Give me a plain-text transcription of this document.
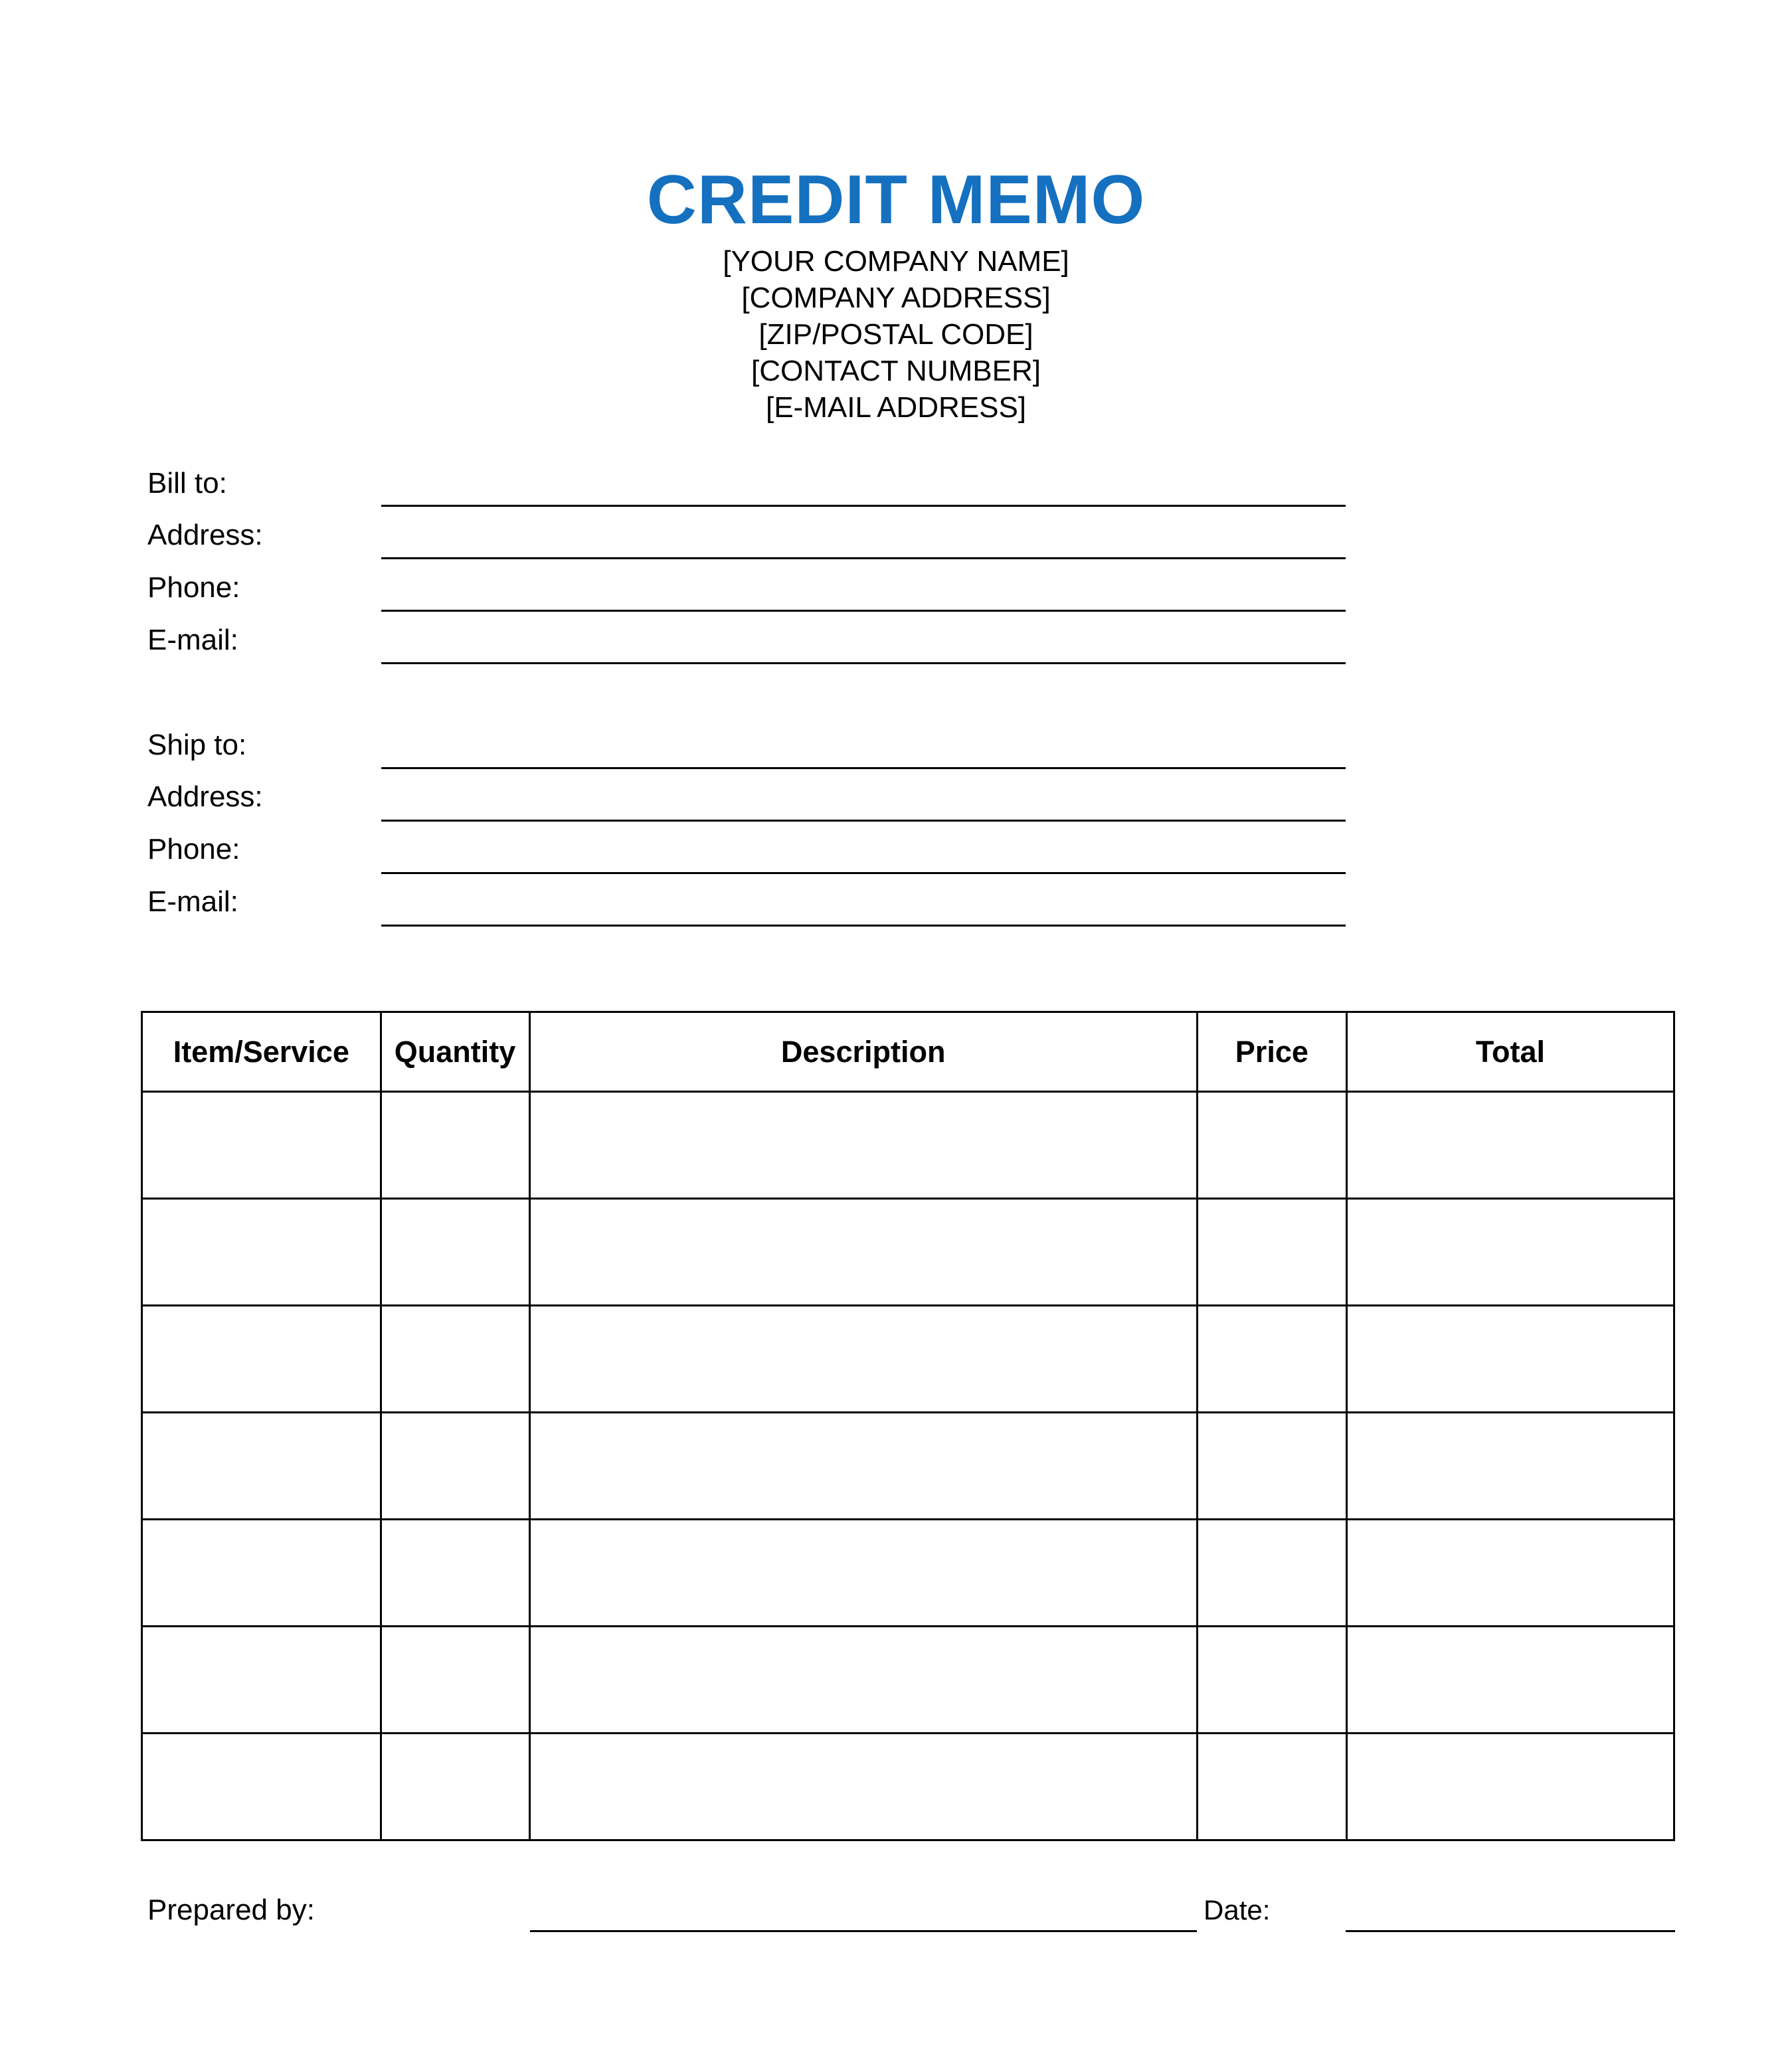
CREDIT MEMO
[YOUR COMPANY NAME]
[COMPANY ADDRESS]
[ZIP/POSTAL CODE]
[CONTACT NUMBER]
[E-MAIL ADDRESS]
Bill to:
Address:
Phone:
E-mail:
Ship to:
Address:
Phone:
E-mail:
Item/Service	Quantity	Description	Price	Total

Prepared by:	Date:
